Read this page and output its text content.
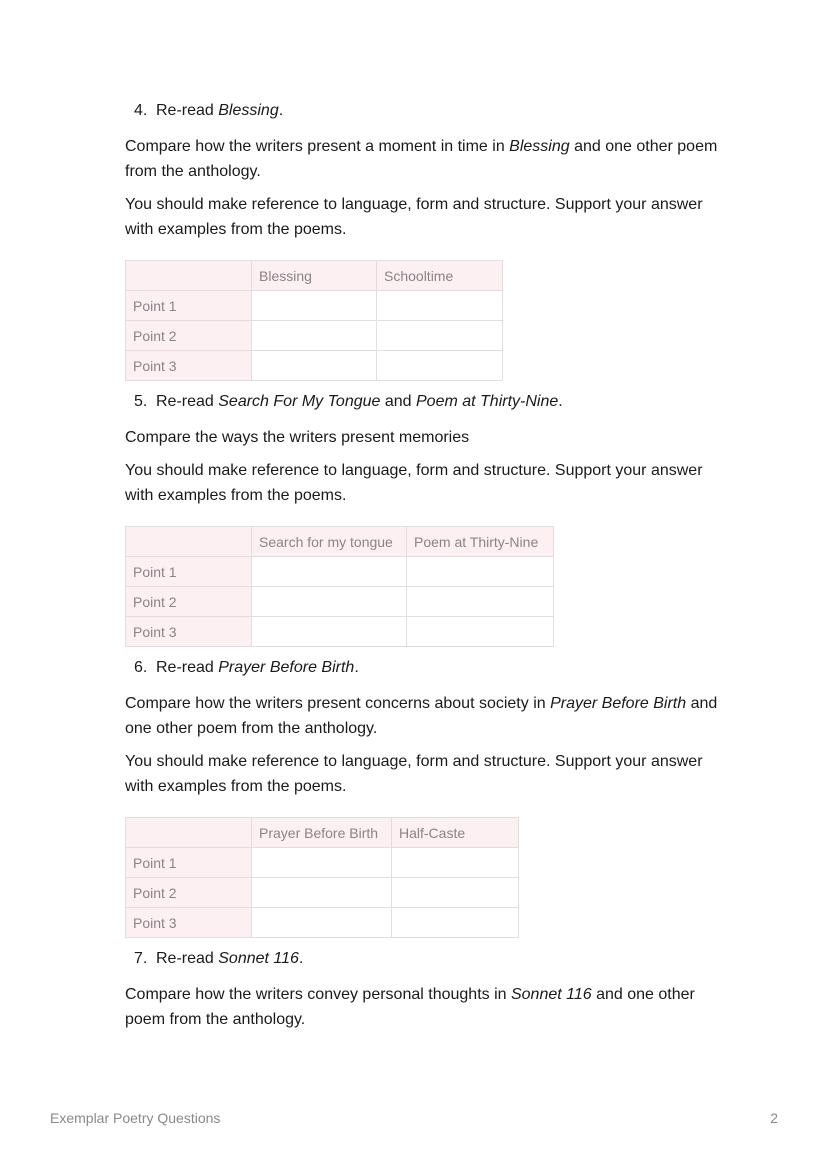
4. Re-read Blessing.

Compare how the writers present a moment in time in Blessing and one other poem from the anthology.

You should make reference to language, form and structure. Support your answer with examples from the poems.

	Blessing	Schooltime
Point 1		
Point 2		
Point 3		
5. Re-read Search For My Tongue and Poem at Thirty-Nine.

Compare the ways the writers present memories

You should make reference to language, form and structure. Support your answer with examples from the poems.

	Search for my tongue	Poem at Thirty-Nine
Point 1		
Point 2		
Point 3		
6. Re-read Prayer Before Birth.

Compare how the writers present concerns about society in Prayer Before Birth and one other poem from the anthology.

You should make reference to language, form and structure. Support your answer with examples from the poems.

	Prayer Before Birth	Half-Caste
Point 1		
Point 2		
Point 3		
7. Re-read Sonnet 116.

Compare how the writers convey personal thoughts in Sonnet 116 and one other poem from the anthology.

Exemplar Poetry Questions	2
